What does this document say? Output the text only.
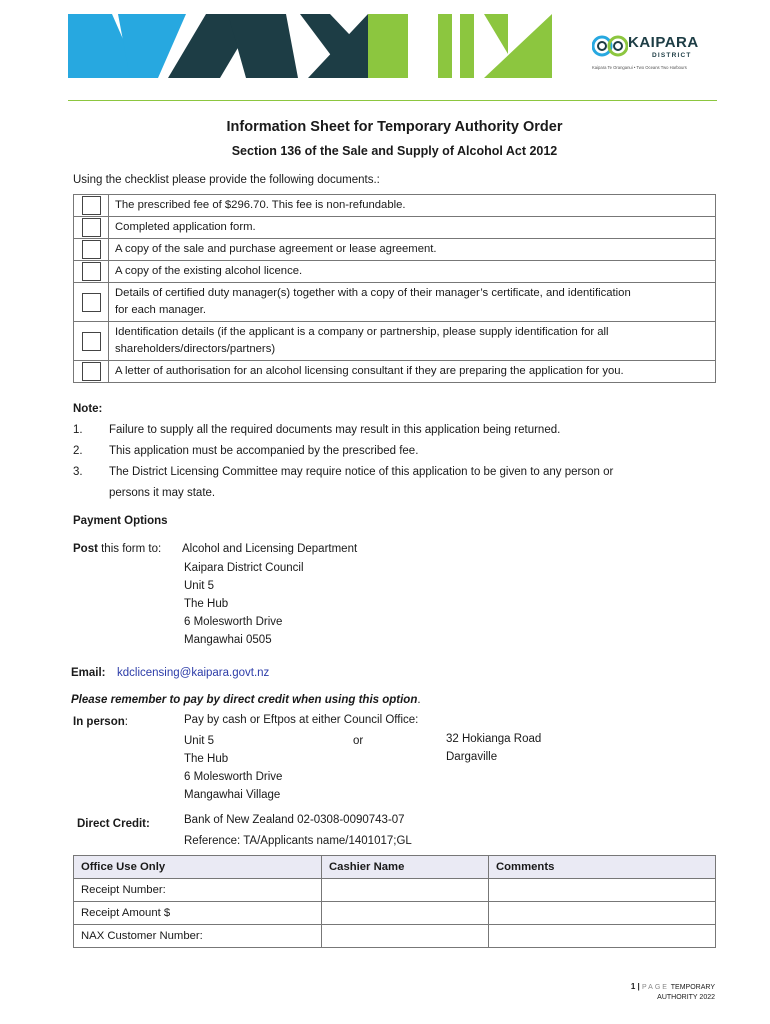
KAIPARA
DISTRICT
Kaipara Te Oranganui • Two Oceans Two Harbours
Information Sheet for Temporary Authority Order
Section 136 of the Sale and Supply of Alcohol Act 2012
Using the checklist please provide the following documents.:
	The prescribed fee of $296.70. This fee is non-refundable.
	Completed application form.
	A copy of the sale and purchase agreement or lease agreement.
	A copy of the existing alcohol licence.

	Details of certified duty manager(s) together with a copy of their manager’s certificate, and identification
for each manager.

	Identification details (if the applicant is a company or partnership, please supply identification for all
shareholders/directors/partners)

	A letter of authorisation for an alcohol licensing consultant if they are preparing the application for you.
Note:
1. Failure to supply all the required documents may result in this application being returned.
2. This application must be accompanied by the prescribed fee.
3. The District Licensing Committee may require notice of this application to be given to any person or
persons it may state.
Payment Options
Post this form to: Alcohol and Licensing Department
Kaipara District Council
Unit 5
The Hub
6 Molesworth Drive
Mangawhai 0505
Email: kdclicensing@kaipara.govt.nz
Please remember to pay by direct credit when using this option.
In person:	Pay by cash or Eftpos at either Council Office:
Unit 5
The Hub
6 Molesworth Drive
Mangawhai Village
or	32 Hokianga Road
Dargaville
Direct Credit:	Bank of New Zealand 02-0308-0090743-07
Reference: TA/Applicants name/1401017;GL
Office Use Only	Cashier Name	Comments
Receipt Number:		
Receipt Amount $		
NAX Customer Number:		
1 | PAGE TEMPORARY
AUTHORITY 2022
